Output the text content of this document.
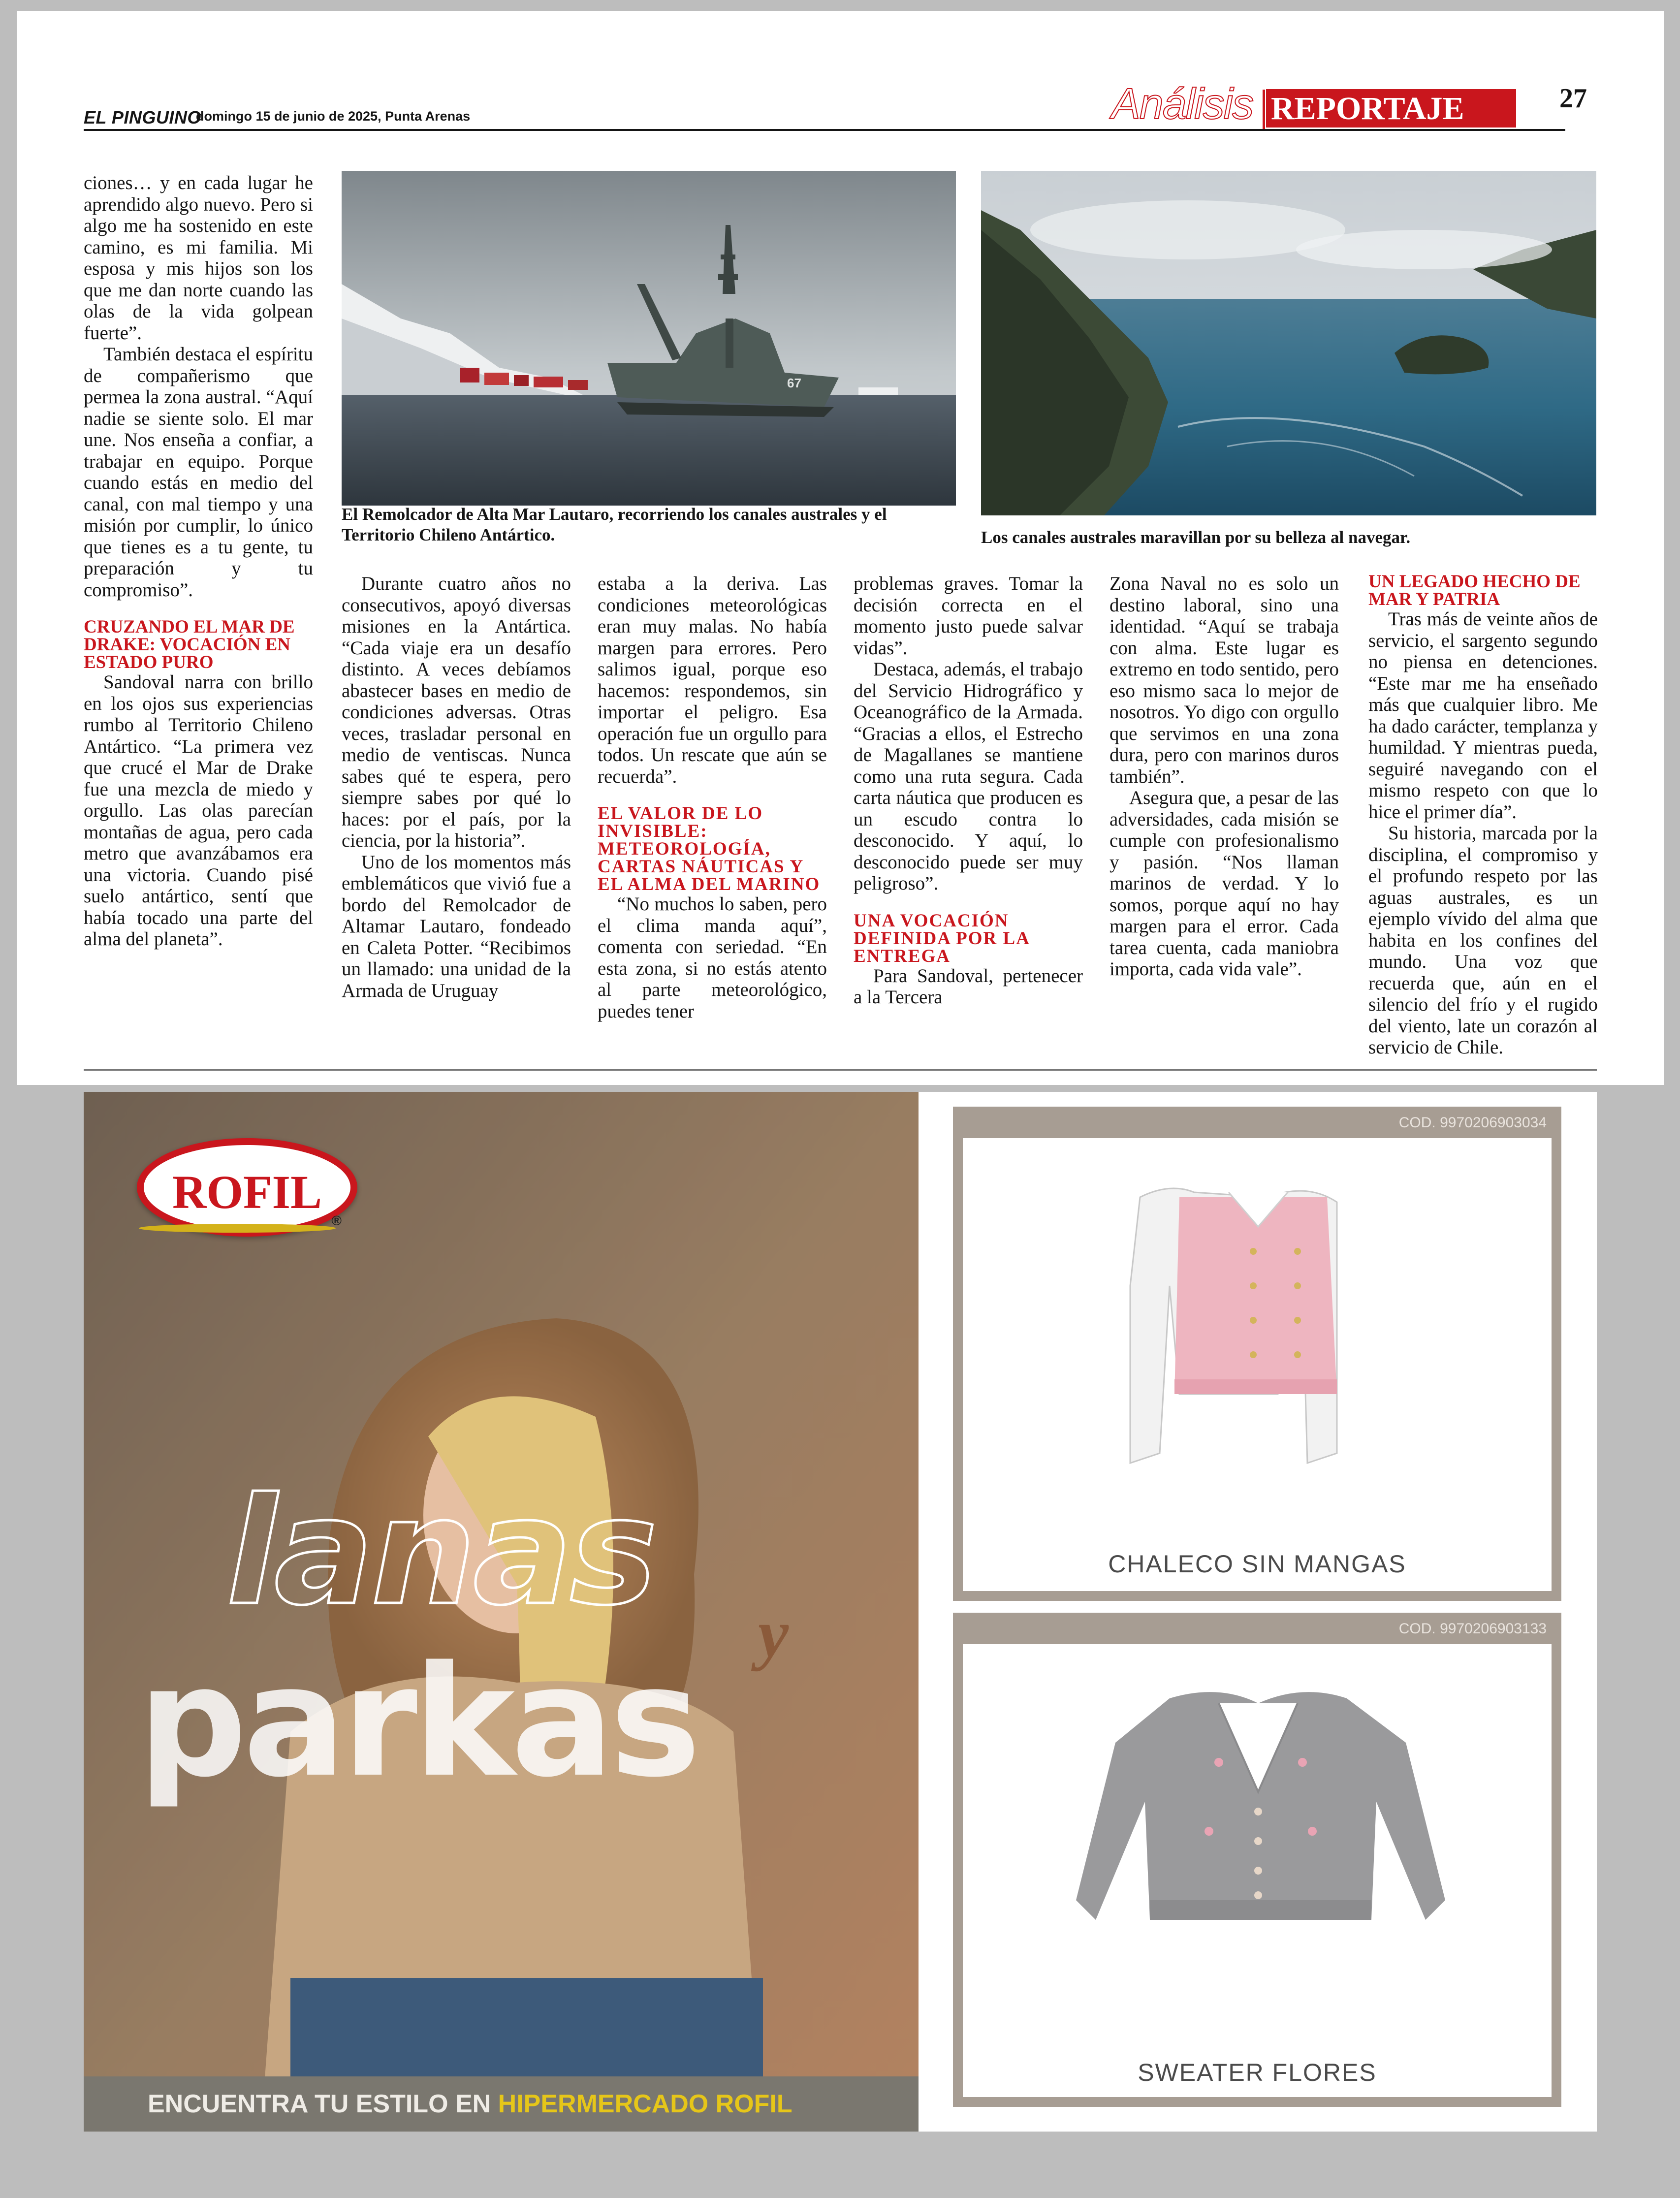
EL PINGUINO
domingo 15 de junio de 2025, Punta Arenas	Análisis REPORTAJE	27

ciones… y en cada lugar he aprendido algo nuevo. Pero si algo me ha sostenido en este camino, es mi familia. Mi esposa y mis hijos son los que me dan norte cuando las olas de la vida golpean fuerte”.

También destaca el espíritu de compañerismo que permea la zona austral. “Aquí nadie se siente solo. El mar une. Nos enseña a confiar, a trabajar en equipo. Porque cuando estás en medio del canal, con mal tiempo y una misión por cumplir, lo único que tienes es a tu gente, tu preparación y tu compromiso”.

CRUZANDO EL MAR DE DRAKE: VOCACIÓN EN ESTADO PURO

Sandoval narra con brillo en los ojos sus experiencias rumbo al Territorio Chileno Antártico. “La primera vez que crucé el Mar de Drake fue una mezcla de miedo y orgullo. Las olas parecían montañas de agua, pero cada metro que avanzábamos era una victoria. Cuando pisé suelo antártico, sentí que había tocado una parte del alma del planeta”.

67
El Remolcador de Alta Mar Lautaro, recorriendo los canales australes y el Territorio Chileno Antártico.	Los canales australes maravillan por su belleza al navegar.

Durante cuatro años no consecutivos, apoyó diversas misiones en la Antártica. “Cada viaje era un desafío distinto. A veces debíamos abastecer bases en medio de condiciones adversas. Otras veces, trasladar personal en medio de ventiscas. Nunca sabes qué te espera, pero siempre sabes por qué lo haces: por el país, por la ciencia, por la historia”.

Uno de los momentos más emblemáticos que vivió fue a bordo del Remolcador de Altamar Lautaro, fondeado en Caleta Potter. “Recibimos un llamado: una unidad de la Armada de Uruguay

estaba a la deriva. Las condiciones meteorológicas eran muy malas. No había margen para errores. Pero salimos igual, porque eso hacemos: respondemos, sin importar el peligro. Esa operación fue un orgullo para todos. Un rescate que aún se recuerda”.

EL VALOR DE LO INVISIBLE: METEOROLOGÍA, CARTAS NÁUTICAS Y EL ALMA DEL MARINO

“No muchos lo saben, pero el clima manda aquí”, comenta con seriedad. “En esta zona, si no estás atento al parte meteorológico, puedes tener

problemas graves. Tomar la decisión correcta en el momento justo puede salvar vidas”.

Destaca, además, el trabajo del Servicio Hidrográfico y Oceanográfico de la Armada. “Gracias a ellos, el Estrecho de Magallanes se mantiene como una ruta segura. Cada carta náutica que producen es un escudo contra lo desconocido. Y aquí, lo desconocido puede ser muy peligroso”.

UNA VOCACIÓN DEFINIDA POR LA ENTREGA

Para Sandoval, pertenecer a la Tercera

Zona Naval no es solo un destino laboral, sino una identidad. “Aquí se trabaja con alma. Este lugar es extremo en todo sentido, pero eso mismo saca lo mejor de nosotros. Yo digo con orgullo que servimos en una zona dura, pero con marinos duros también”.

Asegura que, a pesar de las adversidades, cada misión se cumple con profesionalismo y pasión. “Nos llaman marinos de verdad. Y lo somos, porque aquí no hay margen para el error. Cada tarea cuenta, cada maniobra importa, cada vida vale”.

UN LEGADO HECHO DE MAR Y PATRIA

Tras más de veinte años de servicio, el sargento segundo no piensa en detenciones. “Este mar me ha enseñado más que cualquier libro. Me ha dado carácter, templanza y humildad. Y mientras pueda, seguiré navegando con el mismo respeto con que lo hice el primer día”.

Su historia, marcada por la disciplina, el compromiso y el profundo respeto por las aguas australes, es un ejemplo vívido del alma que habita en los confines del mundo. Una voz que recuerda que, aún en el silencio del frío y el rugido del viento, late un corazón al servicio de Chile.

ROFIL
®
lanas y
parkas
ENCUENTRA TU ESTILO EN HIPERMERCADO ROFIL
COD. 9970206903034
CHALECO SIN MANGAS
COD. 9970206903133
SWEATER FLORES
